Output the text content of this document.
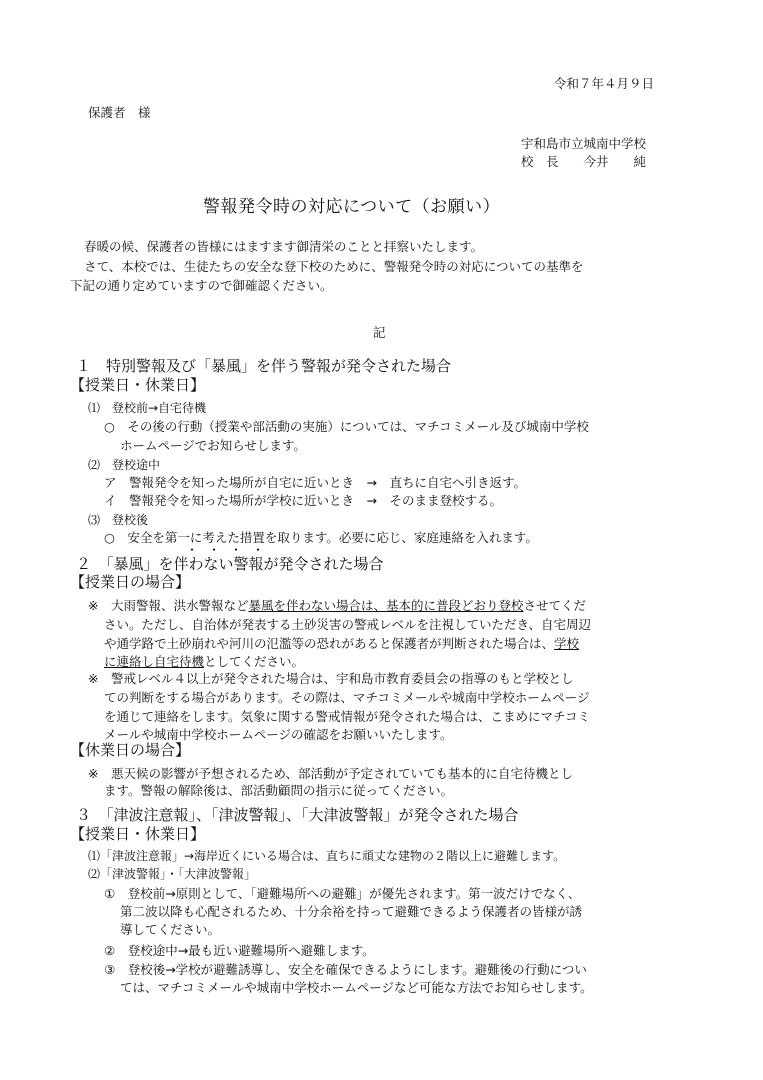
令和７年４月９日
保護者　様
宇和島市立城南中学校
校　長　　今井　　純
警報発令時の対応について（お願い）
春暖の候、保護者の皆様にはますます御清栄のことと拝察いたします。
さて、本校では、生徒たちの安全な登下校のために、警報発令時の対応についての基準を
下記の通り定めていますので御確認ください。
記
１　特別警報及び「暴風」を伴う警報が発令された場合
【授業日・休業日】
⑴　登校前→自宅待機
○　その後の行動（授業や部活動の実施）については、マチコミメール及び城南中学校
ホームページでお知らせします。
⑵　登校途中
ア　警報発令を知った場所が自宅に近いとき　→　直ちに自宅へ引き返す。
イ　警報発令を知った場所が学校に近いとき　→　そのまま登校する。
⑶　登校後
○　安全を第一に考えた措置を取ります。必要に応じ、家庭連絡を入れます。
・・・・
２　「暴風」を伴わない警報が発令された場合
【授業日の場合】
※　大雨警報、洪水警報など暴風を伴わない場合は、基本的に普段どおり登校させてくだ
さい。ただし、自治体が発表する土砂災害の警戒レベルを注視していただき、自宅周辺
や通学路で土砂崩れや河川の氾濫等の恐れがあると保護者が判断された場合は、学校
に連絡し自宅待機としてください。
※　警戒レベル４以上が発令された場合は、宇和島市教育委員会の指導のもと学校とし
ての判断をする場合があります。その際は、マチコミメールや城南中学校ホームページ
を通じて連絡をします。気象に関する警戒情報が発令された場合は、こまめにマチコミ
メールや城南中学校ホームページの確認をお願いいたします。
【休業日の場合】
※　悪天候の影響が予想されるため、部活動が予定されていても基本的に自宅待機とし
ます。警報の解除後は、部活動顧問の指示に従ってください。
３　「津波注意報」、「津波警報」、「大津波警報」が発令された場合
【授業日・休業日】
⑴「津波注意報」→海岸近くにいる場合は、直ちに頑丈な建物の２階以上に避難します。
⑵「津波警報」・「大津波警報」
①　登校前→原則として、「避難場所への避難」が優先されます。第一波だけでなく、
第二波以降も心配されるため、十分余裕を持って避難できるよう保護者の皆様が誘
導してください。
②　登校途中→最も近い避難場所へ避難します。
③　登校後→学校が避難誘導し、安全を確保できるようにします。避難後の行動につい
ては、マチコミメールや城南中学校ホームページなど可能な方法でお知らせします。
